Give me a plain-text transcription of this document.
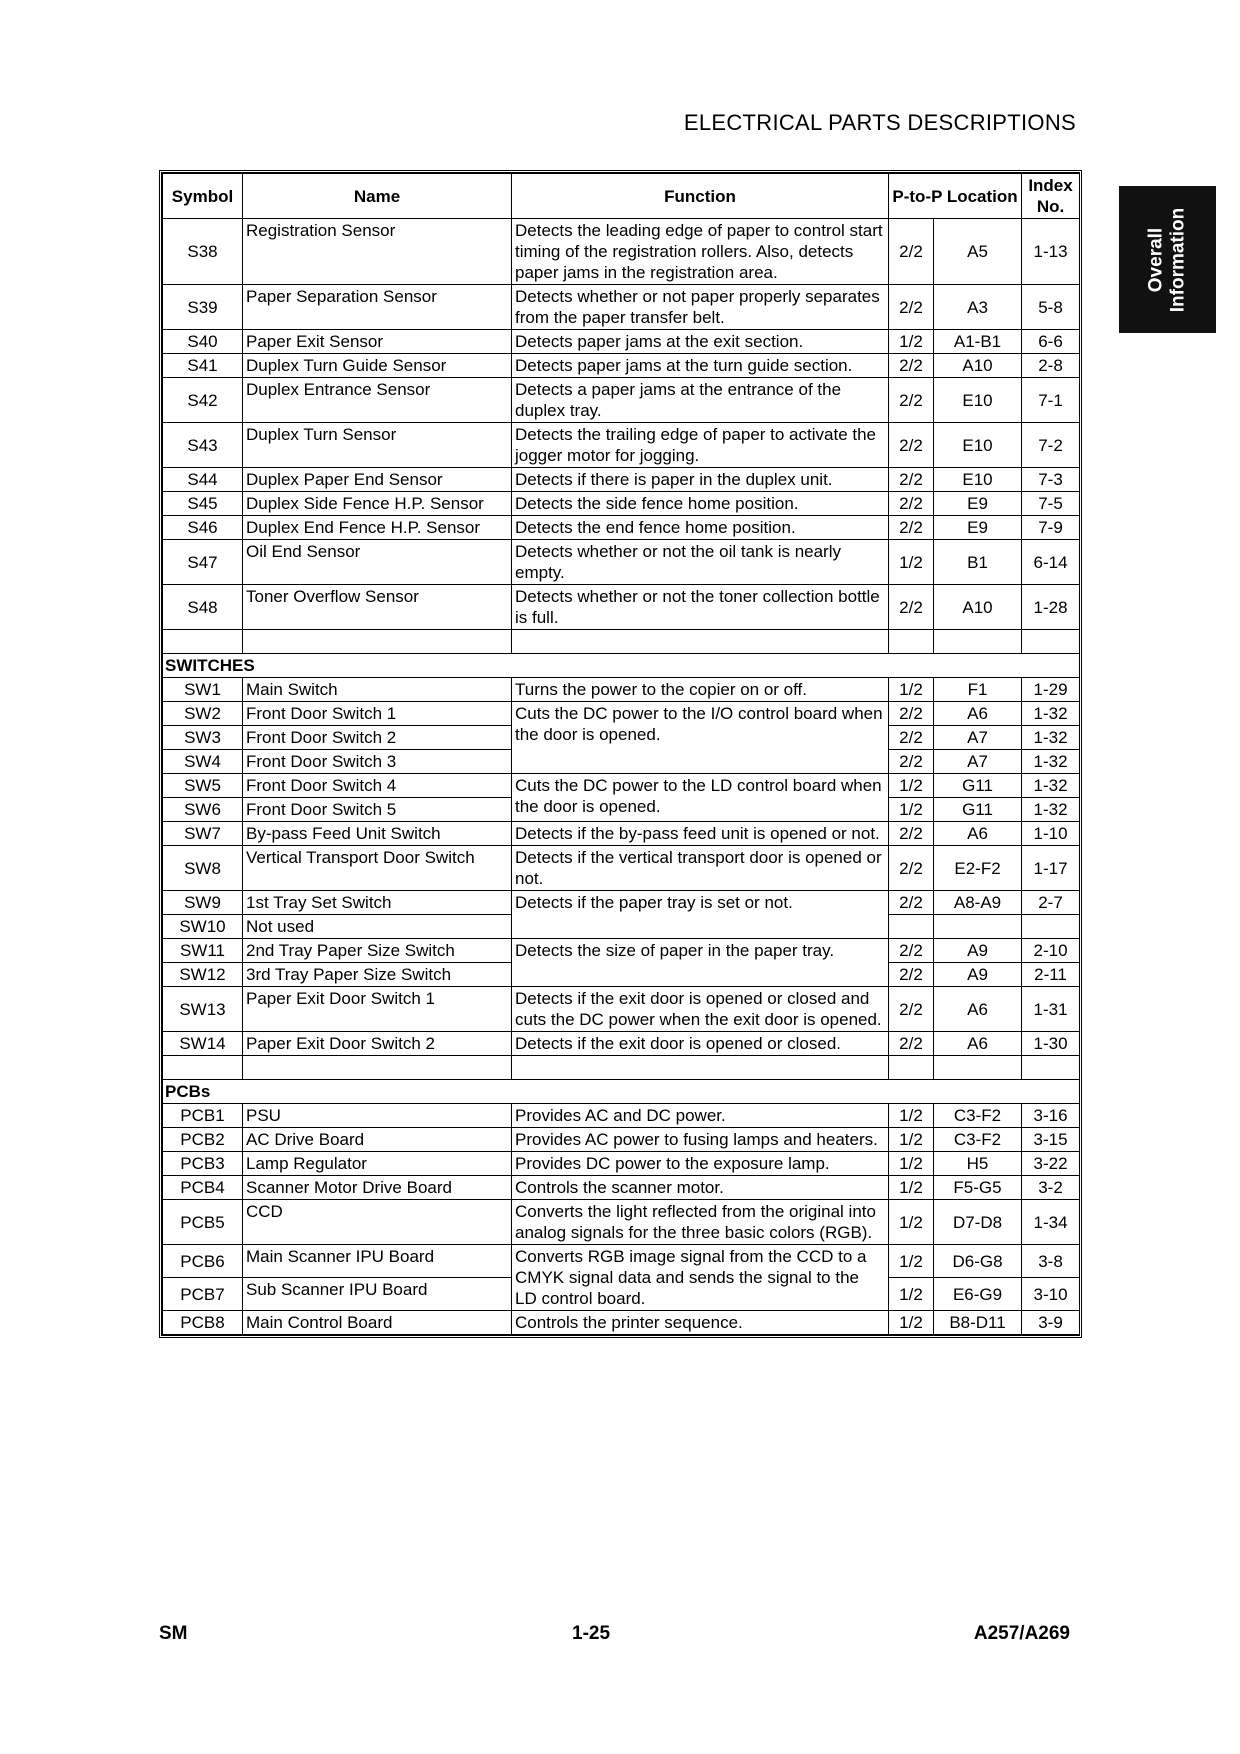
ELECTRICAL PARTS DESCRIPTIONS
Overall Information
Symbol	Name	Function	P-to-P Location		Index No.
S38	Registration Sensor	Detects the leading edge of paper to control start timing of the registration rollers. Also, detects paper jams in the registration area.	2/2	A5	1-13
S39	Paper Separation Sensor	Detects whether or not paper properly separates from the paper transfer belt.	2/2	A3	5-8
S40	Paper Exit Sensor	Detects paper jams at the exit section.	1/2	A1-B1	6-6
S41	Duplex Turn Guide Sensor	Detects paper jams at the turn guide section.	2/2	A10	2-8
S42	Duplex Entrance Sensor	Detects a paper jams at the entrance of the duplex tray.	2/2	E10	7-1
S43	Duplex Turn Sensor	Detects the trailing edge of paper to activate the jogger motor for jogging.	2/2	E10	7-2
S44	Duplex Paper End Sensor	Detects if there is paper in the duplex unit.	2/2	E10	7-3
S45	Duplex Side Fence H.P. Sensor	Detects the side fence home position.	2/2	E9	7-5
S46	Duplex End Fence H.P. Sensor	Detects the end fence home position.	2/2	E9	7-9
S47	Oil End Sensor	Detects whether or not the oil tank is nearly empty.	1/2	B1	6-14
S48	Toner Overflow Sensor	Detects whether or not the toner collection bottle is full.	2/2	A10	1-28

SWITCHES					
SW1	Main Switch	Turns the power to the copier on or off.	1/2	F1	1-29
SW2	Front Door Switch 1	Cuts the DC power to the I/O control board when the door is opened.	2/2	A6	1-32
SW3	Front Door Switch 2		2/2	A7	1-32
SW4	Front Door Switch 3		2/2	A7	1-32
SW5	Front Door Switch 4	Cuts the DC power to the LD control board when the door is opened.	1/2	G11	1-32
SW6	Front Door Switch 5		1/2	G11	1-32
SW7	By-pass Feed Unit Switch	Detects if the by-pass feed unit is opened or not.	2/2	A6	1-10
SW8	Vertical Transport Door Switch	Detects if the vertical transport door is opened or not.	2/2	E2-F2	1-17
SW9	1st Tray Set Switch	Detects if the paper tray is set or not.	2/2	A8-A9	2-7
SW10	Not used				
SW11	2nd Tray Paper Size Switch	Detects the size of paper in the paper tray.	2/2	A9	2-10
SW12	3rd Tray Paper Size Switch		2/2	A9	2-11
SW13	Paper Exit Door Switch 1	Detects if the exit door is opened or closed and cuts the DC power when the exit door is opened.	2/2	A6	1-31
SW14	Paper Exit Door Switch 2	Detects if the exit door is opened or closed.	2/2	A6	1-30

PCBs					
PCB1	PSU	Provides AC and DC power.	1/2	C3-F2	3-16
PCB2	AC Drive Board	Provides AC power to fusing lamps and heaters.	1/2	C3-F2	3-15
PCB3	Lamp Regulator	Provides DC power to the exposure lamp.	1/2	H5	3-22
PCB4	Scanner Motor Drive Board	Controls the scanner motor.	1/2	F5-G5	3-2
PCB5	CCD	Converts the light reflected from the original into analog signals for the three basic colors (RGB).	1/2	D7-D8	1-34
PCB6	Main Scanner IPU Board	Converts RGB image signal from the CCD to a CMYK signal data and sends the signal to the LD control board.	1/2	D6-G8	3-8
PCB7	Sub Scanner IPU Board		1/2	E6-G9	3-10
PCB8	Main Control Board	Controls the printer sequence.	1/2	B8-D11	3-9
SM	1-25	A257/A269
